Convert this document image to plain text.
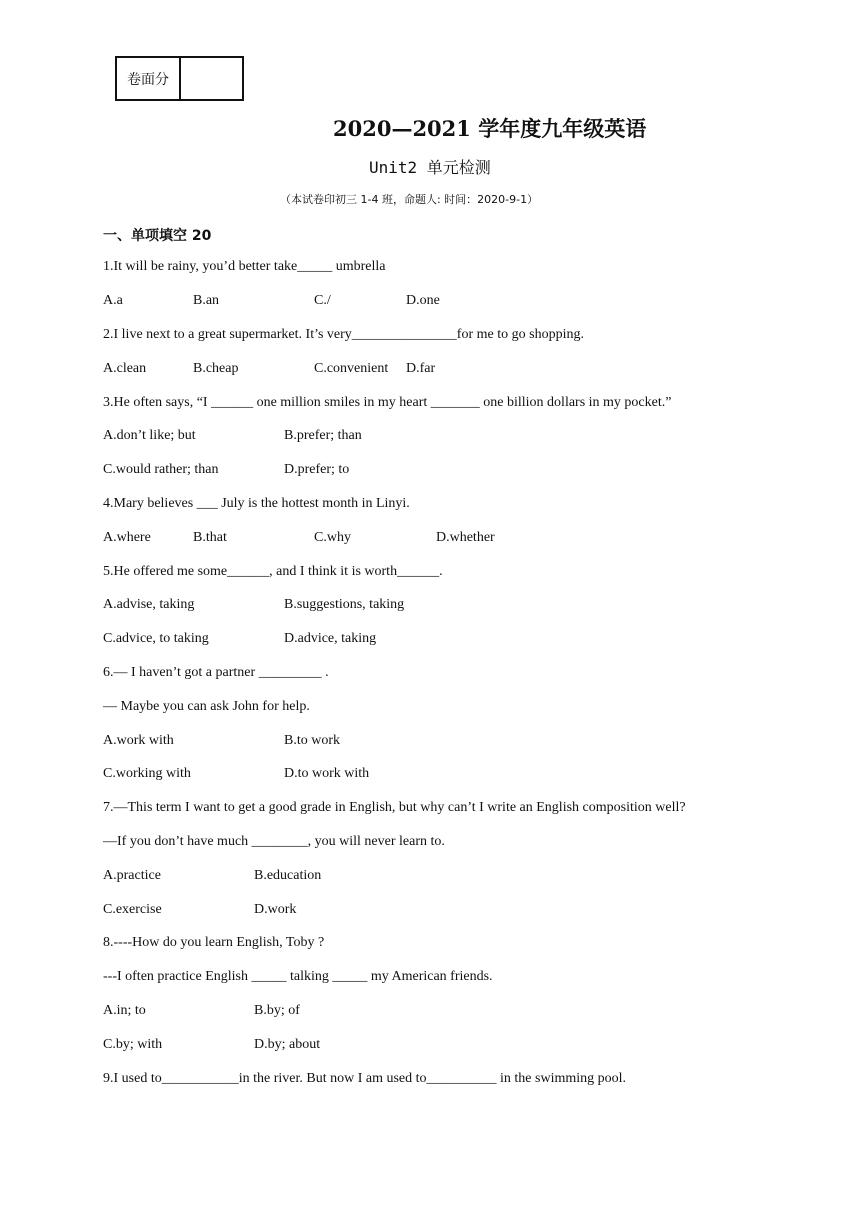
卷面分
2020—2021 学年度九年级英语
Unit2 单元检测
（本试卷印初三 1-4 班，命题人: 时间：2020-9-1）
一、单项填空 20
1.It will be rainy, you’d better take_____ umbrella
A.a	B.an	C./	D.one
2.I live next to a great supermarket. It’s very_______________for me to go shopping.
A.clean	B.cheap	C.convenient D.far
3.He often says, “I ______ one million smiles in my heart _______ one billion dollars in my pocket.”
A.don’t like; but	B.prefer; than
C.would rather; than	D.prefer; to
4.Mary believes ___ July is the hottest month in Linyi.
A.where	B.that	C.why	D.whether
5.He offered me some______, and I think it is worth______.
A.advise, taking	B.suggestions, taking
C.advice, to taking	D.advice, taking
6.— I haven’t got a partner _________ .
— Maybe you can ask John for help.
A.work with	B.to work
C.working with	D.to work with
7.—This term I want to get a good grade in English, but why can’t I write an English composition well?
—If you don’t have much ________, you will never learn to.
A.practice	B.education
C.exercise	D.work
8.----How do you learn English, Toby ?
---I often practice English _____ talking _____ my American friends.
A.in; to	B.by; of
C.by; with	D.by; about
9.I used to___________in the river. But now I am used to__________ in the swimming pool.
